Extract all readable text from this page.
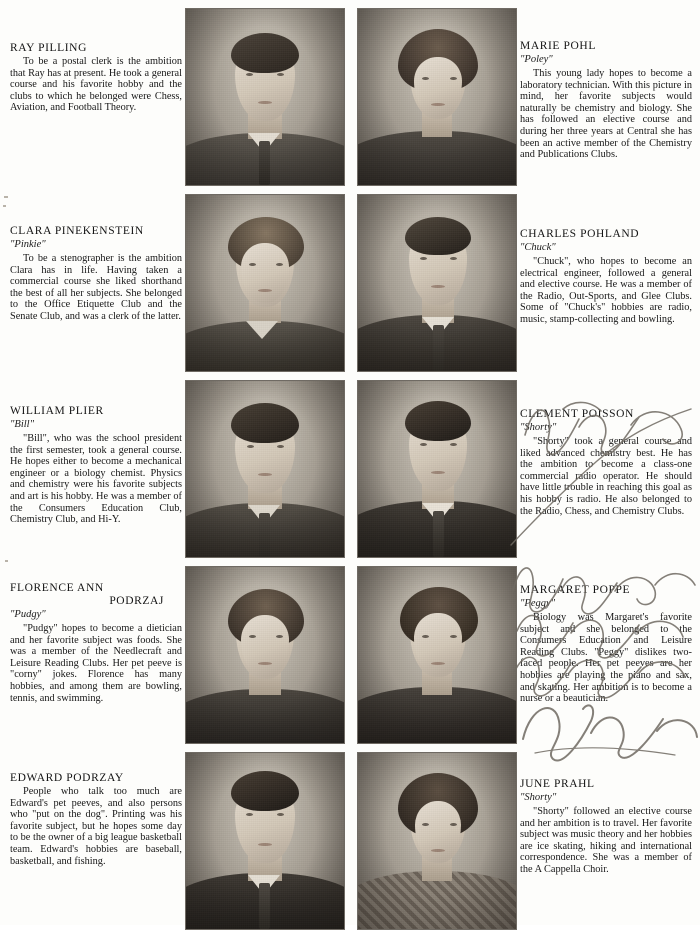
RAY PILLING
To be a postal clerk is the ambition that Ray has at present. He took a general course and his favorite hobby and the clubs to which he belonged were Chess, Aviation, and Football Theory.
CLARA PINEKENSTEIN
"Pinkie"
To be a stenographer is the ambition Clara has in life. Having taken a commercial course she liked shorthand the best of all her subjects. She belonged to the Office Etiquette Club and the Senate Club, and was a clerk of the latter.
WILLIAM PLIER
"Bill"
"Bill", who was the school president the first semester, took a general course. He hopes either to become a mechanical engineer or a biology chemist. Physics and chemistry were his favorite subjects and art is his hobby. He was a member of the Consumers Education Club, Chemistry Club, and Hi-Y.
FLORENCE ANN
PODRZAJ
"Pudgy"
"Pudgy" hopes to become a dietician and her favorite subject was foods. She was a member of the Needlecraft and Leisure Reading Clubs. Her pet peeve is "corny" jokes. Florence has many hobbies, and among them are bowling, tennis, and swimming.
EDWARD PODRZAY
People who talk too much are Edward's pet peeves, and also persons who "put on the dog". Printing was his favorite subject, but he hopes some day to be the owner of a big league basketball team. Edward's hobbies are baseball, basketball, and fishing.
MARIE POHL
"Poley"
This young lady hopes to become a laboratory technician. With this picture in mind, her favorite subjects would naturally be chemistry and biology. She has followed an elective course and during her three years at Central she has been an active member of the Chemistry and Publications Clubs.
CHARLES POHLAND
"Chuck"
"Chuck", who hopes to become an electrical engineer, followed a general and elective course. He was a member of the Radio, Out-Sports, and Glee Clubs. Some of "Chuck's" hobbies are radio, music, stamp-collecting and bowling.
CLEMENT POISSON
"Shorty"
"Shorty" took a general course and liked advanced chemistry best. He has the ambition to become a class-one commercial radio operator. He should have little trouble in reaching this goal as his hobby is radio. He also belonged to the Radio, Chess, and Chemistry Clubs.
MARGARET POPPE
"Peggy"
Biology was Margaret's favorite subject and she belonged to the Consumers Education and Leisure Reading Clubs. "Peggy" dislikes two-faced people. Her pet peeves are her hobbies are playing the piano and sax, and skating. Her ambition is to become a nurse or a beautician.
JUNE PRAHL
"Shorty"
"Shorty" followed an elective course and her ambition is to travel. Her favorite subject was music theory and her hobbies are ice skating, hiking and international correspondence. She was a member of the A Cappella Choir.
